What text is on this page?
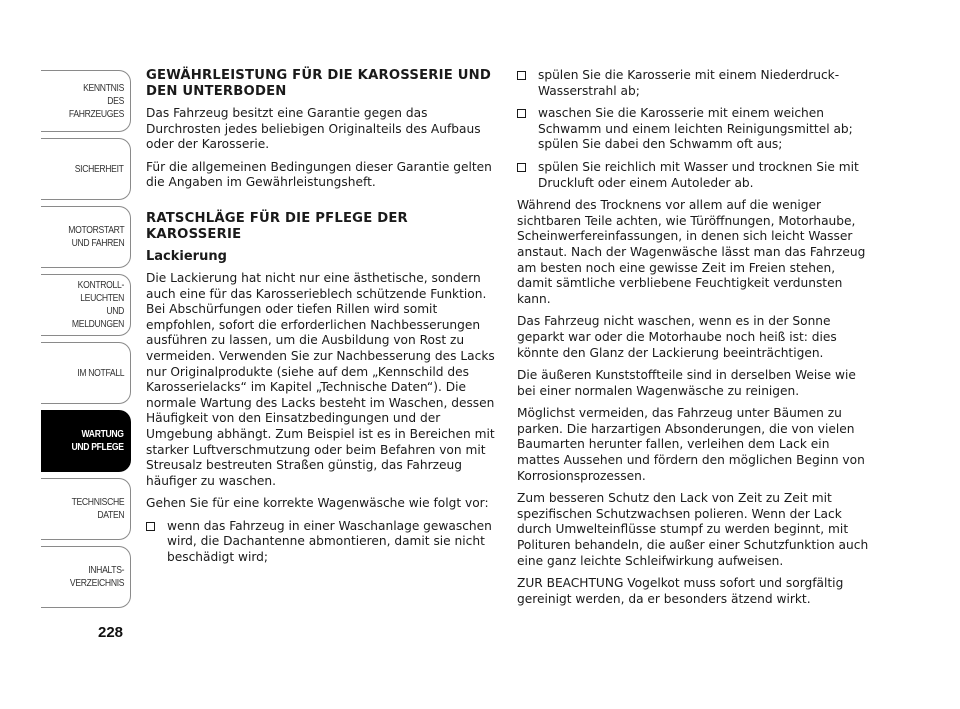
KENNTNIS
DES FAHRZEUGES
SICHERHEIT
MOTORSTART
UND FAHREN
KONTROLL-
LEUCHTEN
UND MELDUNGEN
IM NOTFALL
WARTUNG
UND PFLEGE
TECHNISCHE
DATEN
INHALTS-
VERZEICHNIS
228
GEWÄHRLEISTUNG FÜR DIE KAROSSERIE UND DEN UNTERBODEN

Das Fahrzeug besitzt eine Garantie gegen das Durchrosten jedes beliebigen Originalteils des Aufbaus oder der Karosserie.

Für die allgemeinen Bedingungen dieser Garantie gelten die Angaben im Gewährleistungsheft.

RATSCHLÄGE FÜR DIE PFLEGE DER KAROSSERIE
Lackierung

Die Lackierung hat nicht nur eine ästhetische, sondern auch eine für das Karosserieblech schützende Funktion. Bei Abschürfungen oder tiefen Rillen wird somit empfohlen, sofort die erforderlichen Nachbesserungen ausführen zu lassen, um die Ausbildung von Rost zu vermeiden. Verwenden Sie zur Nachbesserung des Lacks nur Originalprodukte (siehe auf dem „Kennschild des Karosserielacks“ im Kapitel „Technische Daten“). Die normale Wartung des Lacks besteht im Waschen, dessen Häufigkeit von den Einsatzbedingungen und der Umgebung abhängt. Zum Beispiel ist es in Bereichen mit starker Luftverschmutzung oder beim Befahren von mit Streusalz bestreuten Straßen günstig, das Fahrzeug häufiger zu waschen.

Gehen Sie für eine korrekte Wagenwäsche wie folgt vor:

wenn das Fahrzeug in einer Waschanlage gewaschen wird, die Dachantenne abmontieren, damit sie nicht beschädigt wird;
spülen Sie die Karosserie mit einem Niederdruck-Wasserstrahl ab;
waschen Sie die Karosserie mit einem weichen Schwamm und einem leichten Reinigungsmittel ab; spülen Sie dabei den Schwamm oft aus;
spülen Sie reichlich mit Wasser und trocknen Sie mit Druckluft oder einem Autoleder ab.

Während des Trocknens vor allem auf die weniger sichtbaren Teile achten, wie Türöffnungen, Motorhaube, Scheinwerfereinfassungen, in denen sich leicht Wasser anstaut. Nach der Wagenwäsche lässt man das Fahrzeug am besten noch eine gewisse Zeit im Freien stehen, damit sämtliche verbliebene Feuchtigkeit verdunsten kann.

Das Fahrzeug nicht waschen, wenn es in der Sonne geparkt war oder die Motorhaube noch heiß ist: dies könnte den Glanz der Lackierung beeinträchtigen.

Die äußeren Kunststoffteile sind in derselben Weise wie bei einer normalen Wagenwäsche zu reinigen.

Möglichst vermeiden, das Fahrzeug unter Bäumen zu parken. Die harzartigen Absonderungen, die von vielen Baumarten herunter fallen, verleihen dem Lack ein mattes Aussehen und fördern den möglichen Beginn von Korrosionsprozessen.

Zum besseren Schutz den Lack von Zeit zu Zeit mit spezifischen Schutzwachsen polieren. Wenn der Lack durch Umwelteinflüsse stumpf zu werden beginnt, mit Polituren behandeln, die außer einer Schutzfunktion auch eine ganz leichte Schleifwirkung aufweisen.

ZUR BEACHTUNG Vogelkot muss sofort und sorgfältig gereinigt werden, da er besonders ätzend wirkt.
